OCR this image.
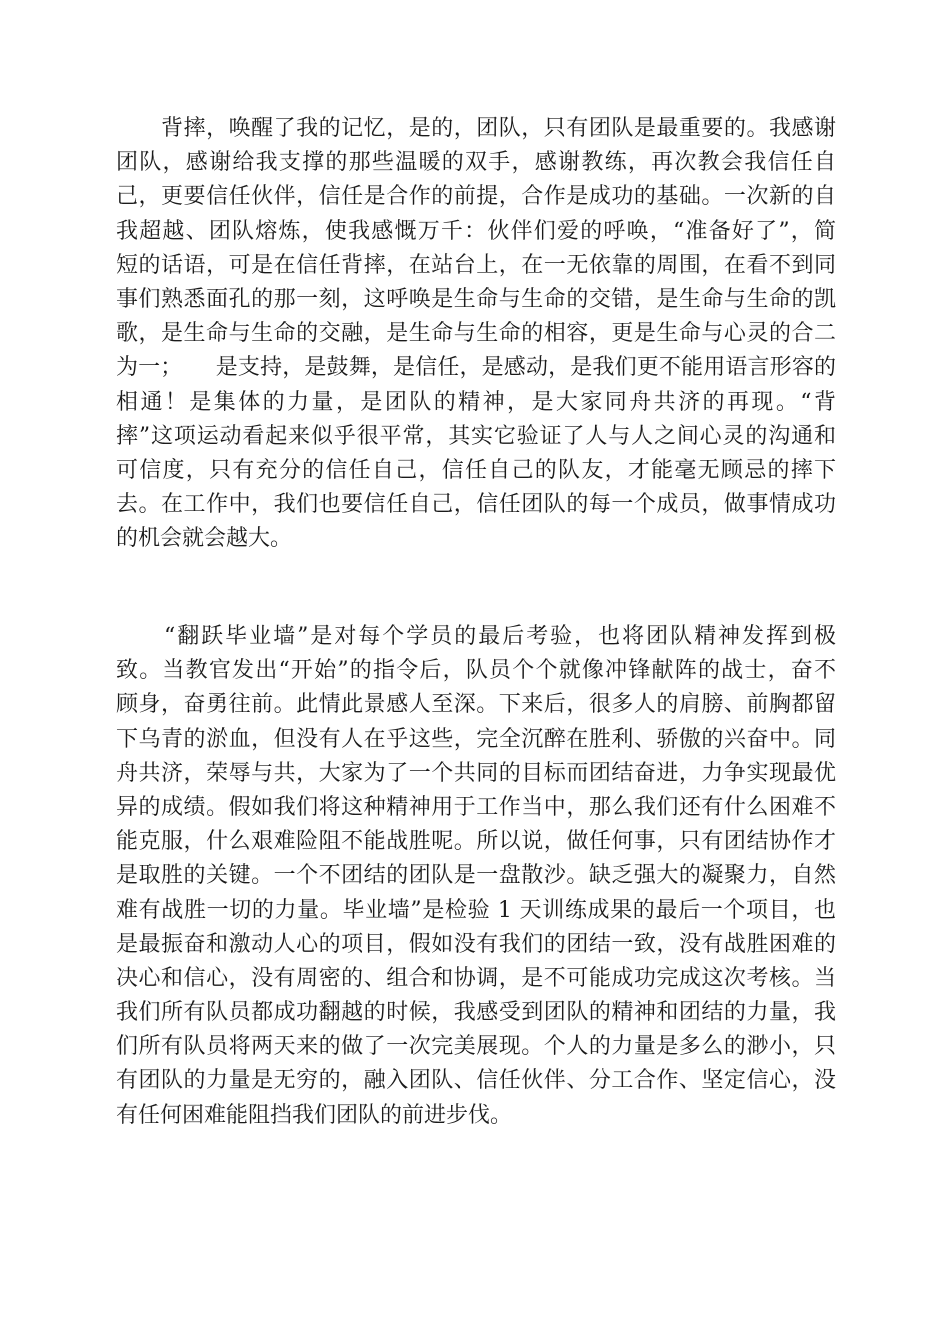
　　背摔，唤醒了我的记忆，是的，团队，只有团队是最重要的。我感谢
团队，感谢给我支撑的那些温暖的双手，感谢教练，再次教会我信任自
己，更要信任伙伴，信任是合作的前提，合作是成功的基础。一次新的自
我超越、团队熔炼，使我感慨万千：伙伴们爱的呼唤，“准备好了”，简
短的话语，可是在信任背摔，在站台上，在一无依靠的周围，在看不到同
事们熟悉面孔的那一刻，这呼唤是生命与生命的交错，是生命与生命的凯
歌，是生命与生命的交融，是生命与生命的相容，更是生命与心灵的合二
为一；　　是支持，是鼓舞，是信任，是感动，是我们更不能用语言形容的
相通！是集体的力量，是团队的精神，是大家同舟共济的再现。“背
摔”这项运动看起来似乎很平常，其实它验证了人与人之间心灵的沟通和
可信度，只有充分的信任自己，信任自己的队友，才能毫无顾忌的摔下
去。在工作中，我们也要信任自己，信任团队的每一个成员，做事情成功
的机会就会越大。
　　“翻跃毕业墙”是对每个学员的最后考验，也将团队精神发挥到极
致。当教官发出“开始”的指令后，队员个个就像冲锋献阵的战士，奋不
顾身，奋勇往前。此情此景感人至深。下来后，很多人的肩膀、前胸都留
下乌青的淤血，但没有人在乎这些，完全沉醉在胜利、骄傲的兴奋中。同
舟共济，荣辱与共，大家为了一个共同的目标而团结奋进，力争实现最优
异的成绩。假如我们将这种精神用于工作当中，那么我们还有什么困难不
能克服，什么艰难险阻不能战胜呢。所以说，做任何事，只有团结协作才
是取胜的关键。一个不团结的团队是一盘散沙。缺乏强大的凝聚力，自然
难有战胜一切的力量。毕业墙”是检验 1 天训练成果的最后一个项目，也
是最振奋和激动人心的项目，假如没有我们的团结一致，没有战胜困难的
决心和信心，没有周密的、组合和协调，是不可能成功完成这次考核。当
我们所有队员都成功翻越的时候，我感受到团队的精神和团结的力量，我
们所有队员将两天来的做了一次完美展现。个人的力量是多么的渺小，只
有团队的力量是无穷的，融入团队、信任伙伴、分工合作、坚定信心，没
有任何困难能阻挡我们团队的前进步伐。
